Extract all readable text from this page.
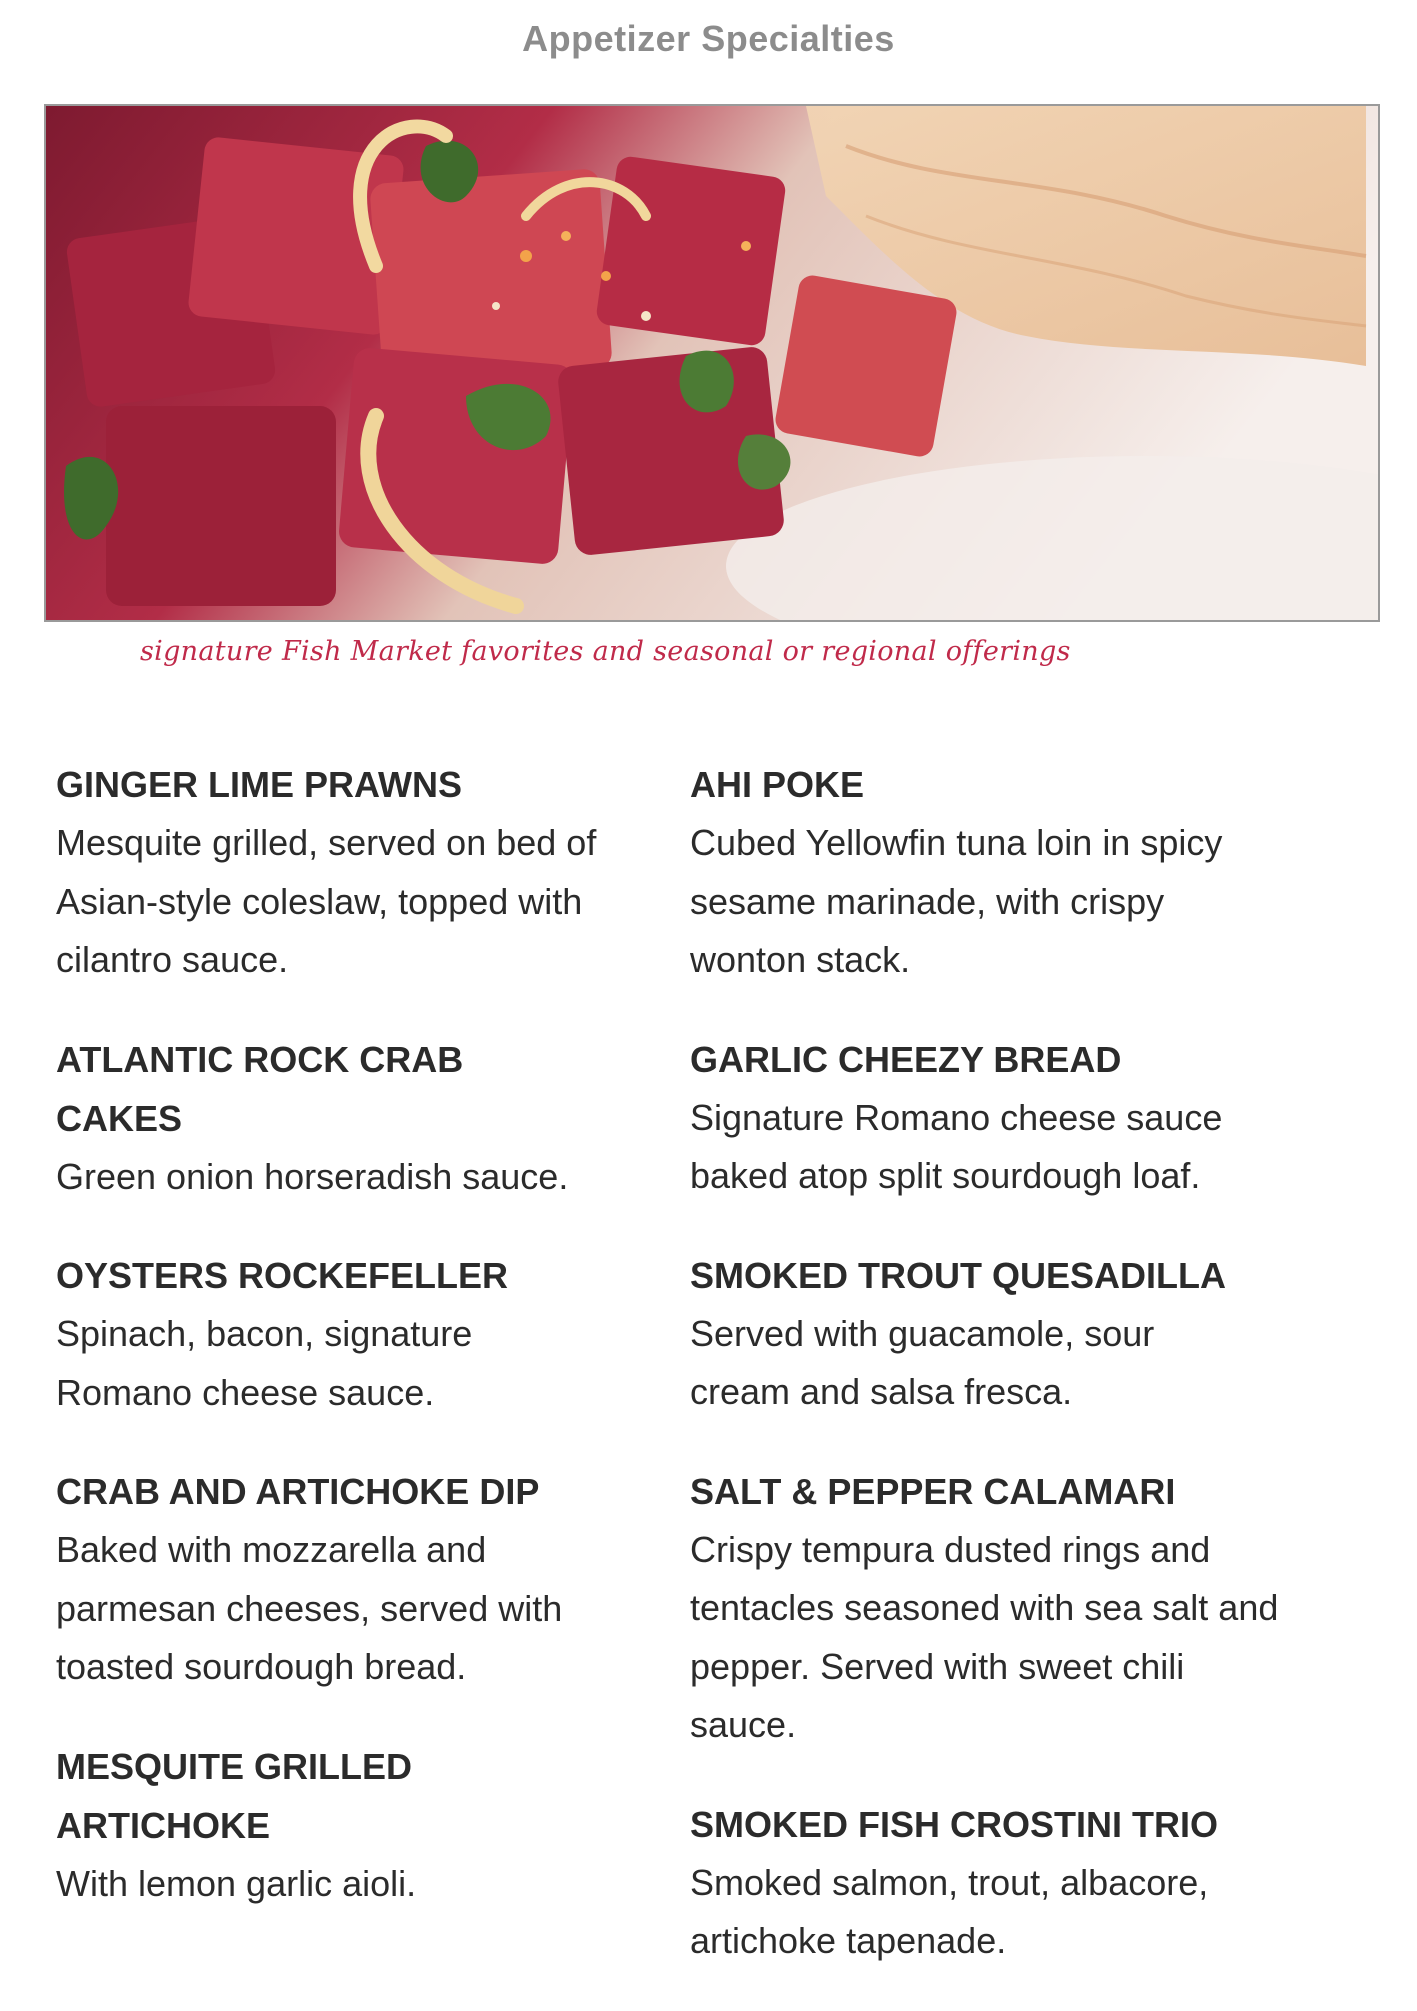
Appetizer Specialties
signature Fish Market favorites and seasonal or regional offerings
GINGER LIME PRAWNS
Mesquite grilled, served on bed of Asian-style coleslaw, topped with cilantro sauce.
ATLANTIC ROCK CRAB CAKES
Green onion horseradish sauce.
OYSTERS ROCKEFELLER
Spinach, bacon, signature Romano cheese sauce.
CRAB AND ARTICHOKE DIP
Baked with mozzarella and parmesan cheeses, served with toasted sourdough bread.
MESQUITE GRILLED ARTICHOKE
With lemon garlic aioli.
AHI POKE
Cubed Yellowfin tuna loin in spicy sesame marinade, with crispy wonton stack.
GARLIC CHEEZY BREAD
Signature Romano cheese sauce baked atop split sourdough loaf.
SMOKED TROUT QUESADILLA
Served with guacamole, sour cream and salsa fresca.
SALT & PEPPER CALAMARI
Crispy tempura dusted rings and tentacles seasoned with sea salt and pepper. Served with sweet chili sauce.
SMOKED FISH CROSTINI TRIO
Smoked salmon, trout, albacore, artichoke tapenade.
